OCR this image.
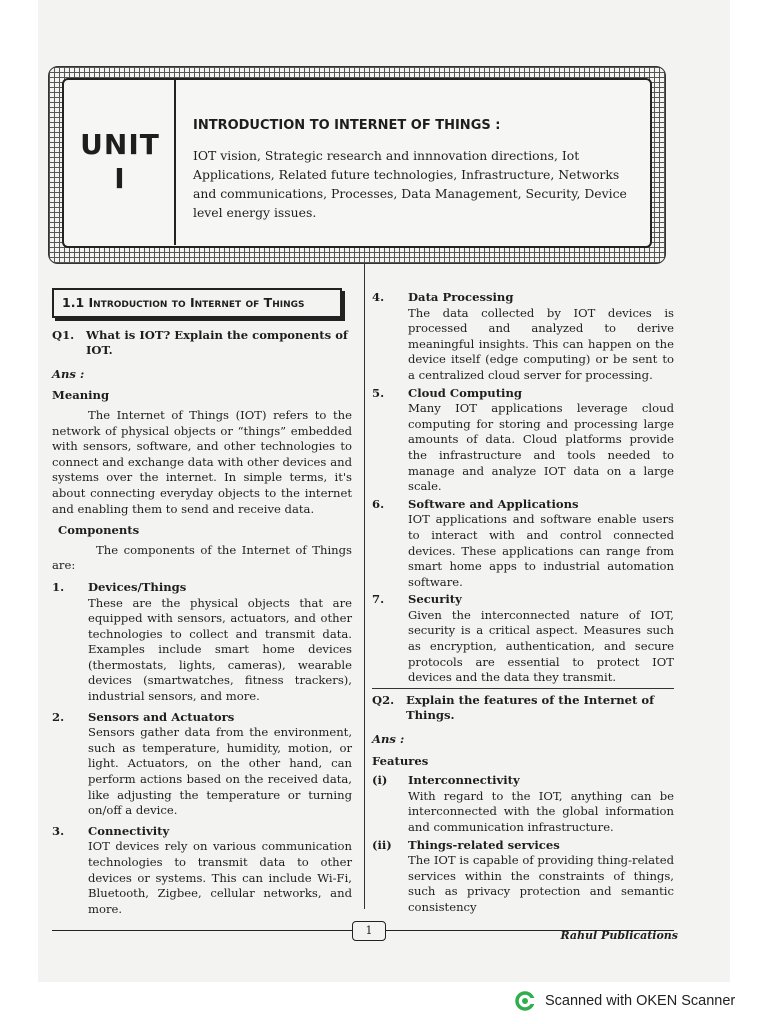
UNIT I
INTRODUCTION TO INTERNET OF THINGS :
IOT vision, Strategic research and innnovation directions, Iot Applications, Related future technologies, Infrastructure, Networks and communications, Processes, Data Management, Security, Device level energy issues.
1.1 Introduction to Internet of Things
Q1.	What is IOT? Explain the components of IOT.
Ans :
Meaning

The Internet of Things (IOT) refers to the network of physical objects or “things” embedded with sensors, software, and other technologies to connect and exchange data with other devices and systems over the internet. In simple terms, it's about connecting everyday objects to the internet and enabling them to send and receive data.

Components

The components of the Internet of Things are:

1.	Devices/Things
These are the physical objects that are equipped with sensors, actuators, and other technologies to collect and transmit data. Examples include smart home devices (thermostats, lights, cameras), wearable devices (smartwatches, fitness trackers), industrial sensors, and more.
2.	Sensors and Actuators
Sensors gather data from the environment, such as temperature, humidity, motion, or light. Actuators, on the other hand, can perform actions based on the received data, like adjusting the temperature or turning on/off a device.
3.	Connectivity
IOT devices rely on various communication technologies to transmit data to other devices or systems. This can include Wi-Fi, Bluetooth, Zigbee, cellular networks, and more.
4.	Data Processing
The data collected by IOT devices is processed and analyzed to derive meaningful insights. This can happen on the device itself (edge computing) or be sent to a centralized cloud server for processing.
5.	Cloud Computing
Many IOT applications leverage cloud computing for storing and processing large amounts of data. Cloud platforms provide the infrastructure and tools needed to manage and analyze IOT data on a large scale.
6.	Software and Applications
IOT applications and software enable users to interact with and control connected devices. These applications can range from smart home apps to industrial automation software.
7.	Security
Given the interconnected nature of IOT, security is a critical aspect. Measures such as encryption, authentication, and secure protocols are essential to protect IOT devices and the data they transmit.
Q2.	Explain the features of the Internet of Things.
Ans :
Features
(i)	Interconnectivity
With regard to the IOT, anything can be interconnected with the global information and communication infrastructure.
(ii)	Things-related services
The IOT is capable of providing thing-related services within the constraints of things, such as privacy protection and semantic consistency
1	Rahul Publications
Scanned with OKEN Scanner
